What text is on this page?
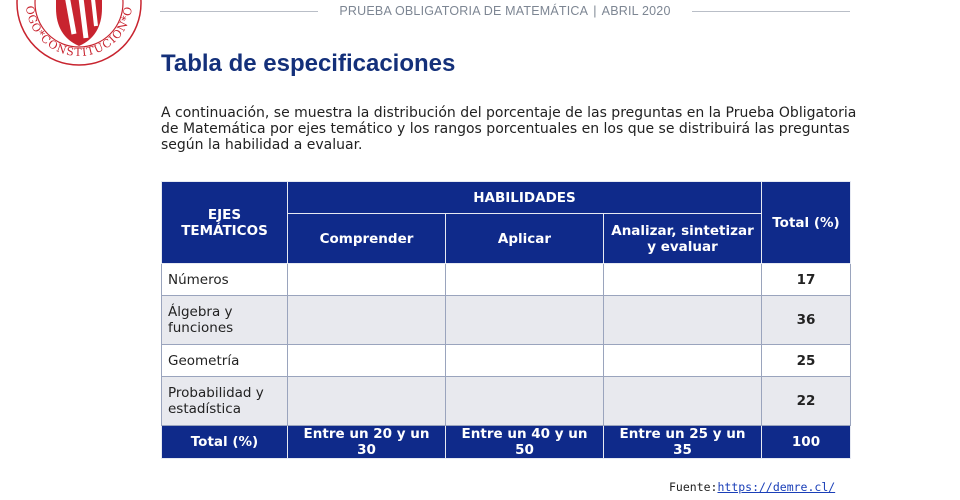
OGO*CONSTITUCION*O	PRUEBA OBLIGATORIA DE MATEMÁTICA | ABRIL 2020
Tabla de especificaciones

A continuación, se muestra la distribución del porcentaje de las preguntas en la Prueba Obligatoria de Matemática por ejes temático y los rangos porcentuales en los que se distribuirá las preguntas según la habilidad a evaluar.

EJES TEMÁTICOS	HABILIDADES			Total (%)
	Comprender	Aplicar	Analizar, sintetizar y evaluar	
Números				17
Álgebra y funciones				36
Geometría				25
Probabilidad y estadística				22
Total (%)	Entre un 20 y un 30	Entre un 40 y un 50	Entre un 25 y un 35	100
Fuente:https://demre.cl/
